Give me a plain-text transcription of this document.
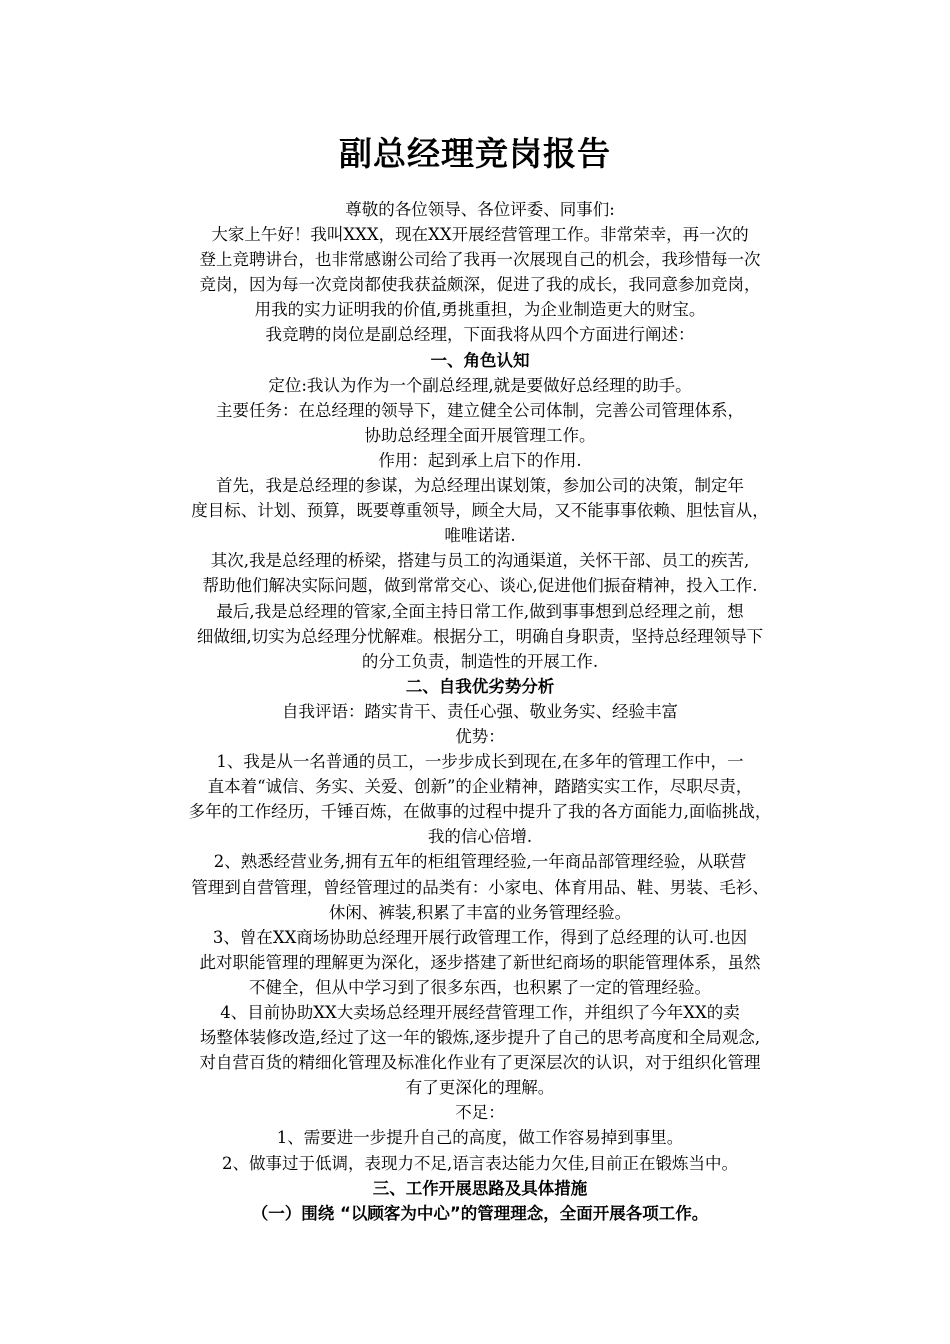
副总经理竞岗报告

尊敬的各位领导、各位评委、同事们:

大家上午好！我叫XXX，现在XX开展经营管理工作。非常荣幸，再一次的

登上竞聘讲台，也非常感谢公司给了我再一次展现自己的机会，我珍惜每一次

竞岗，因为每一次竞岗都使我获益颇深，促进了我的成长，我同意参加竞岗，

用我的实力证明我的价值,勇挑重担，为企业制造更大的财宝。

我竞聘的岗位是副总经理，下面我将从四个方面进行阐述：

一、角色认知

定位:我认为作为一个副总经理,就是要做好总经理的助手。

主要任务：在总经理的领导下，建立健全公司体制，完善公司管理体系，

协助总经理全面开展管理工作。

作用：起到承上启下的作用.

首先，我是总经理的参谋，为总经理出谋划策，参加公司的决策，制定年

度目标、计划、预算，既要尊重领导，顾全大局，又不能事事依赖、胆怯盲从，

唯唯诺诺.

其次,我是总经理的桥梁，搭建与员工的沟通渠道，关怀干部、员工的疾苦,

帮助他们解决实际问题，做到常常交心、谈心,促进他们振奋精神，投入工作.

最后,我是总经理的管家,全面主持日常工作,做到事事想到总经理之前，想

细做细,切实为总经理分忧解难。根据分工，明确自身职责，坚持总经理领导下

的分工负责，制造性的开展工作.

二、自我优劣势分析

自我评语：踏实肯干、责任心强、敬业务实、经验丰富

优势：

1、我是从一名普通的员工，一步步成长到现在,在多年的管理工作中，一

直本着“诚信、务实、关爱、创新”的企业精神，踏踏实实工作，尽职尽责，

多年的工作经历，千锤百炼，在做事的过程中提升了我的各方面能力,面临挑战，

我的信心倍增.

2、熟悉经营业务,拥有五年的柜组管理经验,一年商品部管理经验，从联营

管理到自营管理，曾经管理过的品类有：小家电、体育用品、鞋、男装、毛衫、

休闲、裤装,积累了丰富的业务管理经验。

3、曾在XX商场协助总经理开展行政管理工作，得到了总经理的认可.也因

此对职能管理的理解更为深化，逐步搭建了新世纪商场的职能管理体系，虽然

不健全，但从中学习到了很多东西，也积累了一定的管理经验。

4、目前协助XX大卖场总经理开展经营管理工作，并组织了今年XX的卖

场整体装修改造,经过了这一年的锻炼,逐步提升了自己的思考高度和全局观念,

对自营百货的精细化管理及标准化作业有了更深层次的认识，对于组织化管理

有了更深化的理解。

不足：

1、需要进一步提升自己的高度，做工作容易掉到事里。

2、做事过于低调，表现力不足,语言表达能力欠佳,目前正在锻炼当中。

三、工作开展思路及具体措施

（一）围绕 “以顾客为中心”的管理理念，全面开展各项工作。
